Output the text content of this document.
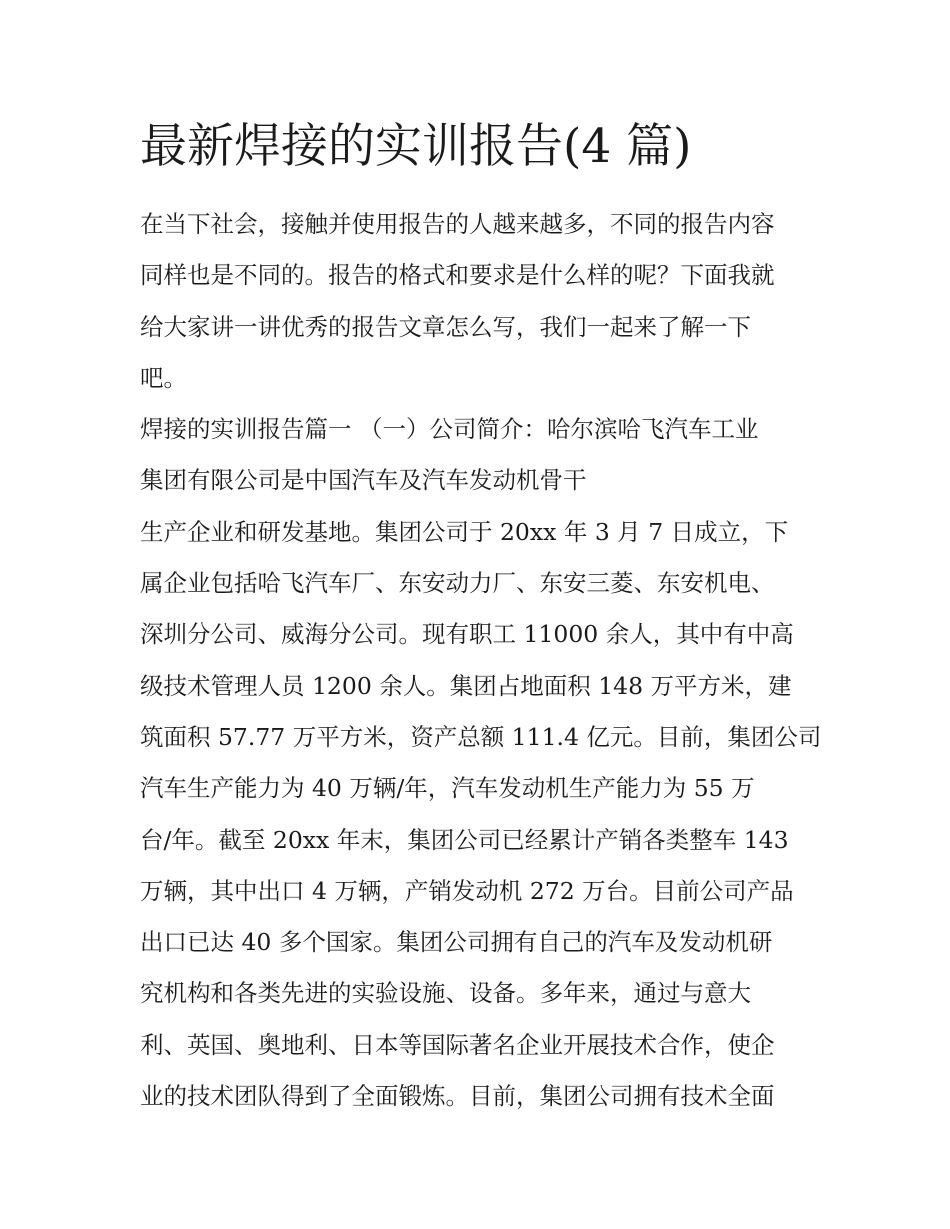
最新焊接的实训报告(4 篇)
在当下社会，接触并使用报告的人越来越多，不同的报告内容
同样也是不同的。报告的格式和要求是什么样的呢？下面我就
给大家讲一讲优秀的报告文章怎么写，我们一起来了解一下
吧。
焊接的实训报告篇一 （一）公司简介：哈尔滨哈飞汽车工业
集团有限公司是中国汽车及汽车发动机骨干
生产企业和研发基地。集团公司于 20xx 年 3 月 7 日成立，下
属企业包括哈飞汽车厂、东安动力厂、东安三菱、东安机电、
深圳分公司、威海分公司。现有职工 11000 余人，其中有中高
级技术管理人员 1200 余人。集团占地面积 148 万平方米，建
筑面积 57.77 万平方米，资产总额 111.4 亿元。目前，集团公司
汽车生产能力为 40 万辆/年，汽车发动机生产能力为 55 万
台/年。截至 20xx 年末，集团公司已经累计产销各类整车 143
万辆，其中出口 4 万辆，产销发动机 272 万台。目前公司产品
出口已达 40 多个国家。集团公司拥有自己的汽车及发动机研
究机构和各类先进的实验设施、设备。多年来，通过与意大
利、英国、奥地利、日本等国际著名企业开展技术合作，使企
业的技术团队得到了全面锻炼。目前，集团公司拥有技术全面
